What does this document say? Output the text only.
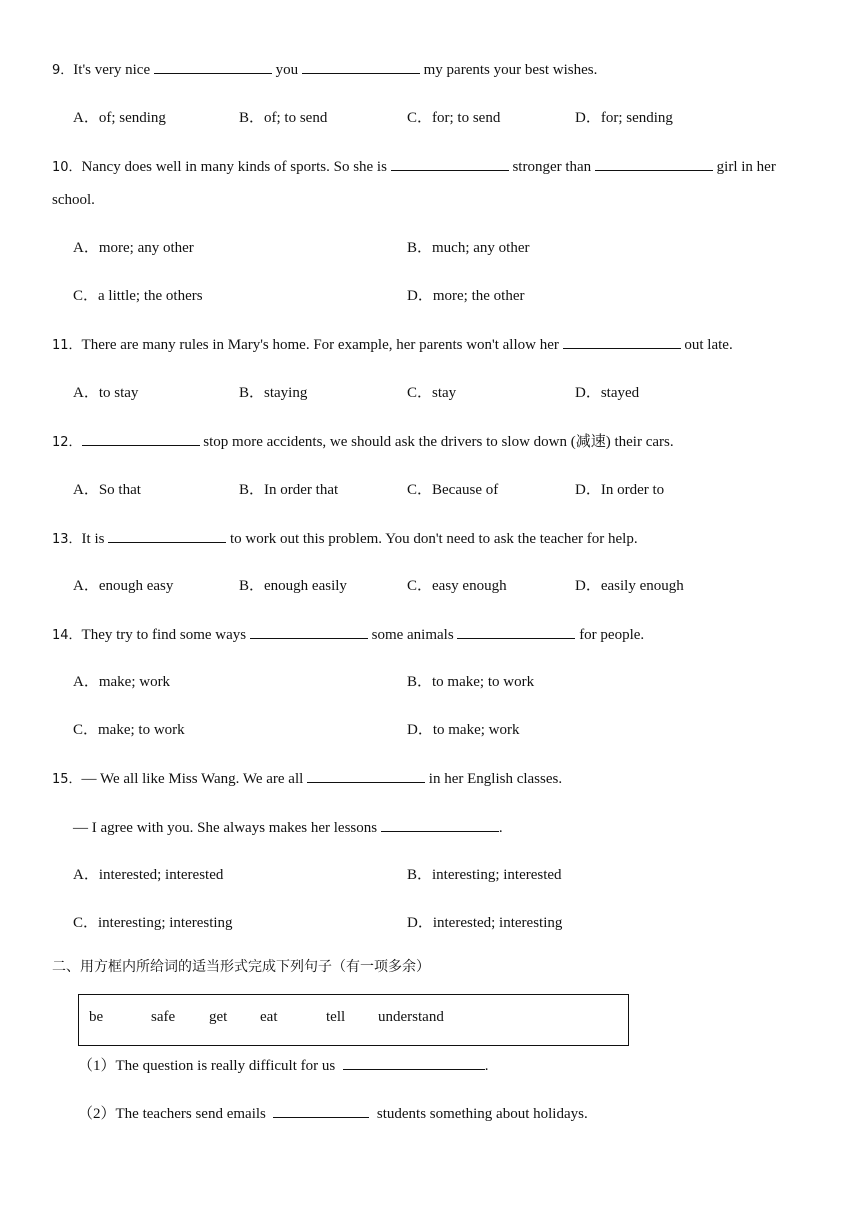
9．It's very nice	you	my parents your best wishes.
A．of; sending	B．of; to send	C．for; to send	D．for; sending
10．Nancy does well in many kinds of sports. So she is	stronger than	girl in her
school.
A．more; any other	B．much; any other
C．a little; the others	D．more; the other
11．There are many rules in Mary's home. For example, her parents won't allow her	out late.
A．to stay	B．staying	C．stay	D．stayed
12．	stop more accidents, we should ask the drivers to slow down (减速) their cars.
A．So that	B．In order that	C．Because of	D．In order to
13．It is	to work out this problem. You don't need to ask the teacher for help.
A．enough easy	B．enough easily	C．easy enough	D．easily enough
14．They try to find some ways	some animals	for people.
A．make; work	B．to make; to work
C．make; to work	D．to make; work
15．— We all like Miss Wang. We are all	in her English classes.
— I agree with you. She always makes her lessons	.
A．interested; interested	B．interesting; interested
C．interesting; interesting	D．interested; interesting
二、用方框内所给词的适当形式完成下列句子（有一项多余）
be	safe get eat	tell understand
（1）The question is really difficult for us	.
（2）The teachers send emails	students something about holidays.
